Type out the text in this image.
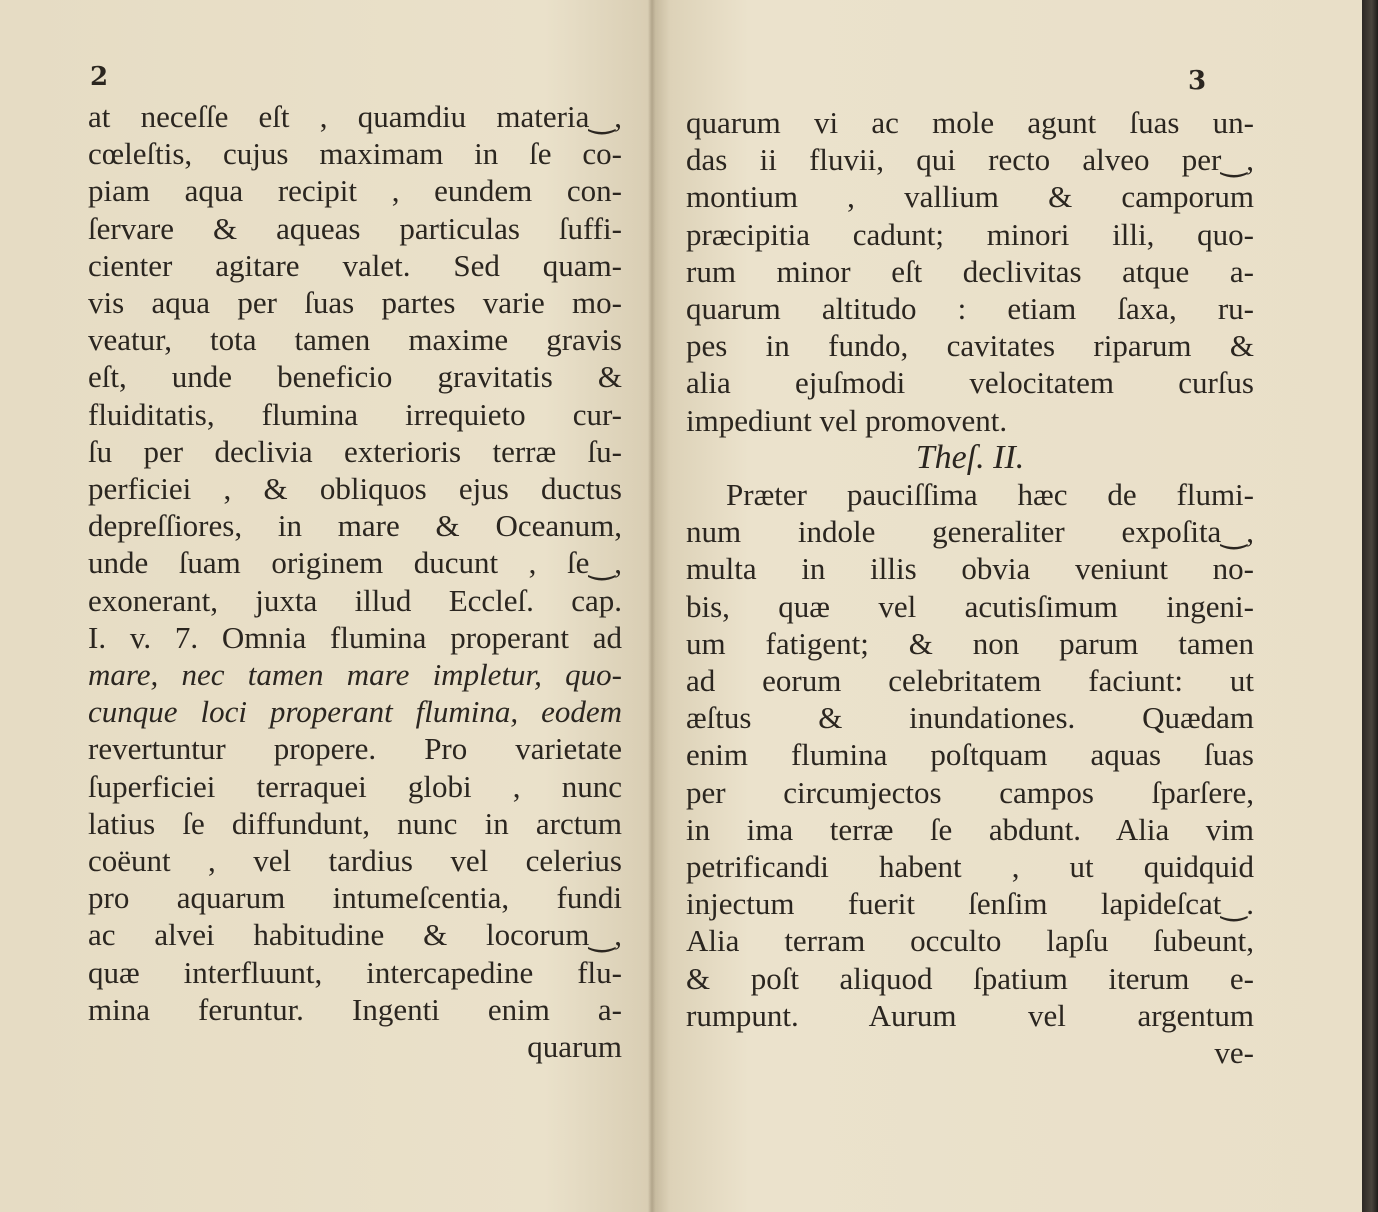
2
at neceſſe eſt , quamdiu materia‿,
cœleſtis, cujus maximam in ſe co-
piam aqua recipit , eundem con-
ſervare & aqueas particulas ſuffi-
cienter agitare valet. Sed quam-
vis aqua per ſuas partes varie mo-
veatur, tota tamen maxime gravis
eſt, unde beneficio gravitatis &
fluiditatis, flumina irrequieto cur-
ſu per declivia exterioris terræ ſu-
perficiei , & obliquos ejus ductus
depreſſiores, in mare & Oceanum,
unde ſuam originem ducunt , ſe‿,
exonerant, juxta illud Eccleſ. cap.
I. v. 7. Omnia flumina properant ad
mare, nec tamen mare impletur, quo-
cunque loci properant flumina, eodem
revertuntur propere. Pro varietate
ſuperficiei terraquei globi , nunc
latius ſe diffundunt, nunc in arctum
coëunt , vel tardius vel celerius
pro aquarum intumeſcentia, fundi
ac alvei habitudine & locorum‿,
quæ interfluunt, intercapedine flu-
mina feruntur. Ingenti enim a-
quarum
3
quarum vi ac mole agunt ſuas un-
das ii fluvii, qui recto alveo per‿,
montium , vallium & camporum
præcipitia cadunt; minori illi, quo-
rum minor eſt declivitas atque a-
quarum altitudo : etiam ſaxa, ru-
pes in fundo, cavitates riparum &
alia ejuſmodi velocitatem curſus
impediunt vel promovent.
Theſ. II.
Præter pauciſſima hæc de flumi-
num indole generaliter expoſita‿,
multa in illis obvia veniunt no-
bis, quæ vel acutisſimum ingeni-
um fatigent; & non parum tamen
ad eorum celebritatem faciunt: ut
æſtus & inundationes. Quædam
enim flumina poſtquam aquas ſuas
per circumjectos campos ſparſere,
in ima terræ ſe abdunt. Alia vim
petrificandi habent , ut quidquid
injectum fuerit ſenſim lapideſcat‿.
Alia terram occulto lapſu ſubeunt,
& poſt aliquod ſpatium iterum e-
rumpunt. Aurum vel argentum
ve-
